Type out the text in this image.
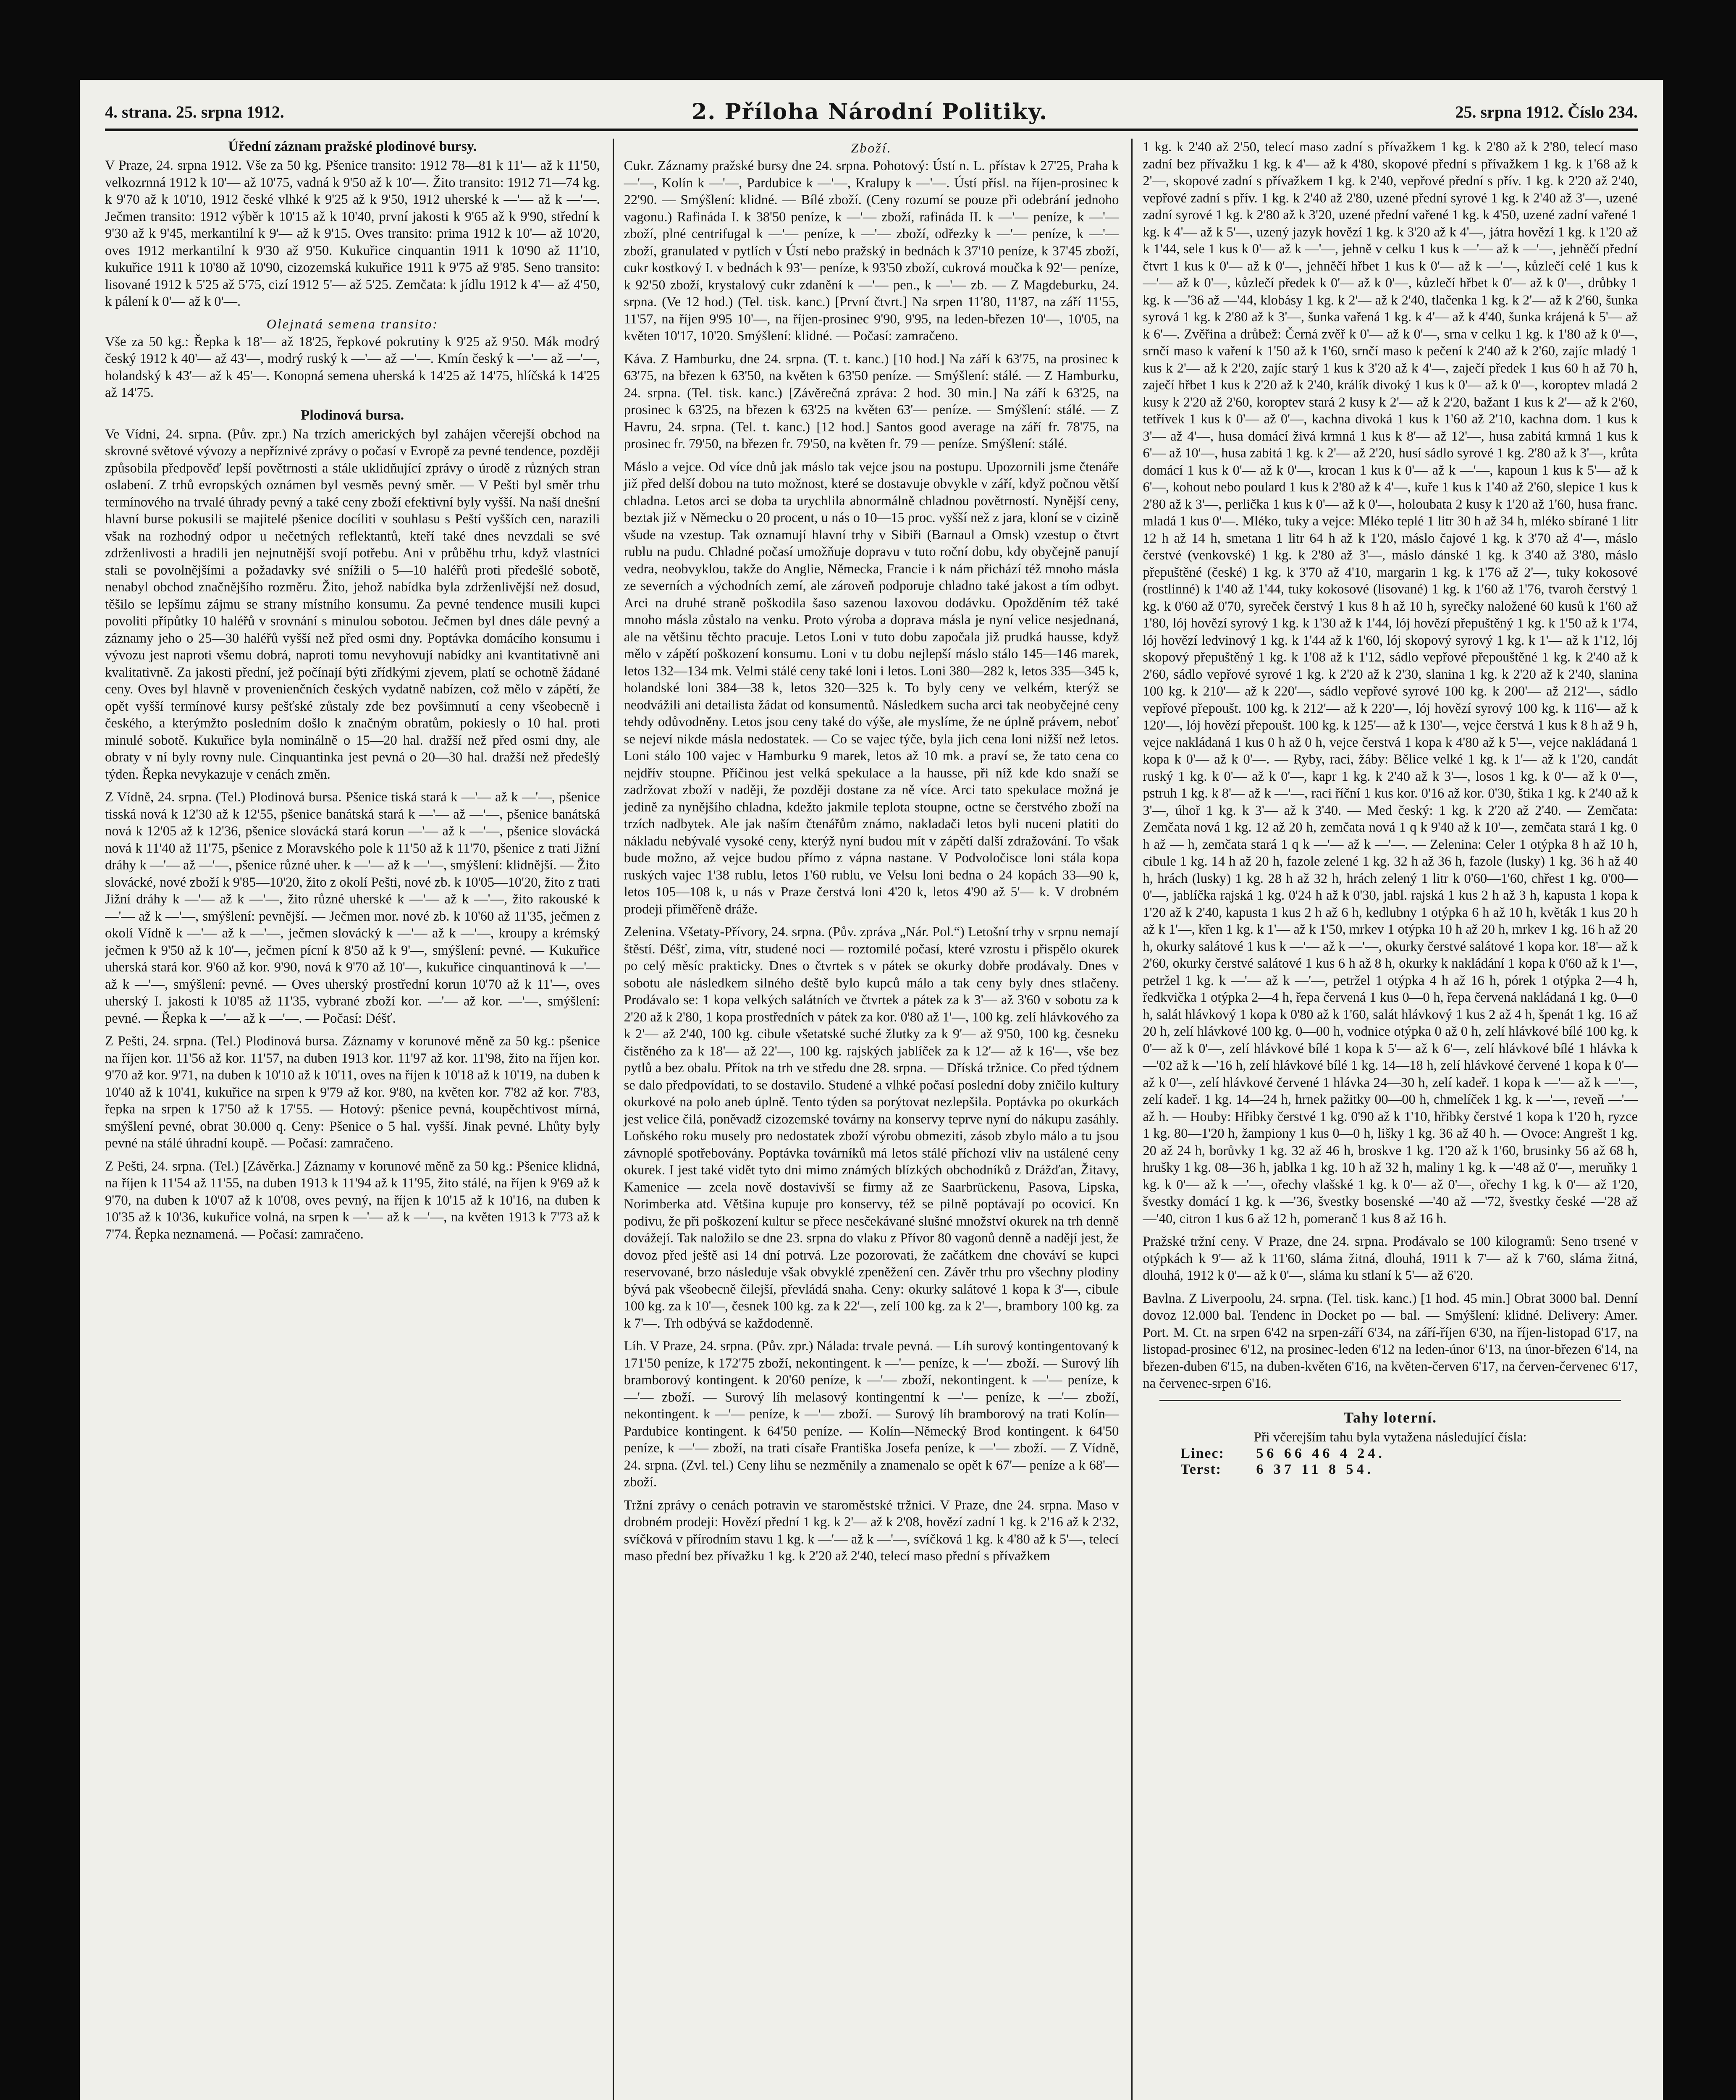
4. strana. 25. srpna 1912.	2. Příloha Národní Politiky.	25. srpna 1912. Číslo 234.
Úřední záznam pražské plodinové bursy.

V Praze, 24. srpna 1912. Vše za 50 kg. Pšenice transito: 1912 78—81 k 11'— až k 11'50, velkozrnná 1912 k 10'— až 10'75, vadná k 9'50 až k 10'—. Žito transito: 1912 71—74 kg. k 9'70 až k 10'10, 1912 české vlhké k 9'25 až k 9'50, 1912 uherské k —'— až k —'—. Ječmen transito: 1912 výběr k 10'15 až k 10'40, první jakosti k 9'65 až k 9'90, střední k 9'30 až k 9'45, merkantilní k 9'— až k 9'15. Oves transito: prima 1912 k 10'— až 10'20, oves 1912 merkantilní k 9'30 až 9'50. Kukuřice cinquantin 1911 k 10'90 až 11'10, kukuřice 1911 k 10'80 až 10'90, cizozemská kukuřice 1911 k 9'75 až 9'85. Seno transito: lisované 1912 k 5'25 až 5'75, cizí 1912 5'— až 5'25. Zemčata: k jídlu 1912 k 4'— až 4'50, k pálení k 0'— až k 0'—.

Olejnatá semena transito:

Vše za 50 kg.: Řepka k 18'— až 18'25, řepkové pokrutiny k 9'25 až 9'50. Mák modrý český 1912 k 40'— až 43'—, modrý ruský k —'— až —'—. Kmín český k —'— až —'—, holandský k 43'— až k 45'—. Konopná semena uherská k 14'25 až 14'75, hlíčská k 14'25 až 14'75.

Plodinová bursa.

Ve Vídni, 24. srpna. (Pův. zpr.) Na trzích amerických byl zahájen včerejší obchod na skrovné světové vývozy a nepříznivé zprávy o počasí v Evropě za pevné tendence, později způsobila předpověď lepší povětrnosti a stále uklidňující zprávy o úrodě z různých stran oslabení. Z trhů evropských oznámen byl vesměs pevný směr. — V Pešti byl směr trhu termínového na trvalé úhrady pevný a také ceny zboží efektivní byly vyšší. Na naší dnešní hlavní burse pokusili se majitelé pšenice docíliti v souhlasu s Peští vyšších cen, narazili však na rozhodný odpor u nečetných reflektantů, kteří také dnes nevzdali se své zdrženlivosti a hradili jen nejnutnější svojí potřebu. Ani v průběhu trhu, když vlastníci stali se povolnějšími a požadavky své snížili o 5—10 haléřů proti předešlé sobotě, nenabyl obchod značnějšího rozměru. Žito, jehož nabídka byla zdrženlivější než dosud, těšilo se lepšímu zájmu se strany místního konsumu. Za pevné tendence musili kupci povoliti přípůtky 10 haléřů v srovnání s minulou sobotou. Ječmen byl dnes dále pevný a záznamy jeho o 25—30 haléřů vyšší než před osmi dny. Poptávka domácího konsumu i vývozu jest naproti všemu dobrá, naproti tomu nevyhovují nabídky ani kvantitativně ani kvalitativně. Za jakosti přední, jež počínají býti zřídkými zjevem, platí se ochotně žádané ceny. Oves byl hlavně v provenienčních českých vydatně nabízen, což mělo v zápětí, že opět vyšší termínové kursy pešťské zůstaly zde bez povšimnutí a ceny všeobecně i českého, a kterýmžto posledním došlo k značným obratům, pokiesly o 10 hal. proti minulé sobotě. Kukuřice byla nominálně o 15—20 hal. dražší než před osmi dny, ale obraty v ní byly rovny nule. Cinquantinka jest pevná o 20—30 hal. dražší než předešlý týden. Řepka nevykazuje v cenách změn.

Z Vídně, 24. srpna. (Tel.) Plodinová bursa. Pšenice tiská stará k —'— až k —'—, pšenice tisská nová k 12'30 až k 12'55, pšenice banátská stará k —'— až —'—, pšenice banátská nová k 12'05 až k 12'36, pšenice slovácká stará korun —'— až k —'—, pšenice slovácká nová k 11'40 až 11'75, pšenice z Moravského pole k 11'50 až k 11'70, pšenice z trati Jižní dráhy k —'— až —'—, pšenice různé uher. k —'— až k —'—, smýšlení: klidnější. — Žito slovácké, nové zboží k 9'85—10'20, žito z okolí Pešti, nové zb. k 10'05—10'20, žito z trati Jižní dráhy k —'— až k —'—, žito různé uherské k —'— až k —'—, žito rakouské k —'— až k —'—, smýšlení: pevnější. — Ječmen mor. nové zb. k 10'60 až 11'35, ječmen z okolí Vídně k —'— až k —'—, ječmen slovácký k —'— až k —'—, kroupy a krémský ječmen k 9'50 až k 10'—, ječmen pícní k 8'50 až k 9'—, smýšlení: pevné. — Kukuřice uherská stará kor. 9'60 až kor. 9'90, nová k 9'70 až 10'—, kukuřice cinquantinová k —'— až k —'—, smýšlení: pevné. — Oves uherský prostřední korun 10'70 až k 11'—, oves uherský I. jakosti k 10'85 až 11'35, vybrané zboží kor. —'— až kor. —'—, smýšlení: pevné. — Řepka k —'— až k —'—. — Počasí: Déšť.

Z Pešti, 24. srpna. (Tel.) Plodinová bursa. Záznamy v korunové měně za 50 kg.: pšenice na říjen kor. 11'56 až kor. 11'57, na duben 1913 kor. 11'97 až kor. 11'98, žito na říjen kor. 9'70 až kor. 9'71, na duben k 10'10 až k 10'11, oves na říjen k 10'18 až k 10'19, na duben k 10'40 až k 10'41, kukuřice na srpen k 9'79 až kor. 9'80, na květen kor. 7'82 až kor. 7'83, řepka na srpen k 17'50 až k 17'55. — Hotový: pšenice pevná, koupěchtivost mírná, smýšlení pevné, obrat 30.000 q. Ceny: Pšenice o 5 hal. vyšší. Jinak pevné. Lhůty byly pevné na stálé úhradní koupě. — Počasí: zamračeno.

Z Pešti, 24. srpna. (Tel.) [Závěrka.] Záznamy v korunové měně za 50 kg.: Pšenice klidná, na říjen k 11'54 až 11'55, na duben 1913 k 11'94 až k 11'95, žito stálé, na říjen k 9'69 až k 9'70, na duben k 10'07 až k 10'08, oves pevný, na říjen k 10'15 až k 10'16, na duben k 10'35 až k 10'36, kukuřice volná, na srpen k —'— až k —'—, na květen 1913 k 7'73 až k 7'74. Řepka neznamená. — Počasí: zamračeno.

Zboží.

Cukr. Záznamy pražské bursy dne 24. srpna. Pohotový: Ústí n. L. přístav k 27'25, Praha k —'—, Kolín k —'—, Pardubice k —'—, Kralupy k —'—. Ústí přísl. na říjen-prosinec k 22'90. — Smýšlení: klidné. — Bílé zboží. (Ceny rozumí se pouze při odebrání jednoho vagonu.) Rafináda I. k 38'50 peníze, k —'— zboží, rafináda II. k —'— peníze, k —'— zboží, plné centrifugal k —'— peníze, k —'— zboží, odřezky k —'— peníze, k —'— zboží, granulated v pytlích v Ústí nebo pražský in bednách k 37'10 peníze, k 37'45 zboží, cukr kostkový I. v bednách k 93'— peníze, k 93'50 zboží, cukrová moučka k 92'— peníze, k 92'50 zboží, krystalový cukr zdanění k —'— pen., k —'— zb. — Z Magdeburku, 24. srpna. (Ve 12 hod.) (Tel. tisk. kanc.) [První čtvrt.] Na srpen 11'80, 11'87, na září 11'55, 11'57, na říjen 9'95 10'—, na říjen-prosinec 9'90, 9'95, na leden-březen 10'—, 10'05, na květen 10'17, 10'20. Smýšlení: klidné. — Počasí: zamračeno.

Káva. Z Hamburku, dne 24. srpna. (T. t. kanc.) [10 hod.] Na září k 63'75, na prosinec k 63'75, na březen k 63'50, na květen k 63'50 peníze. — Smýšlení: stálé. — Z Hamburku, 24. srpna. (Tel. tisk. kanc.) [Závěrečná zpráva: 2 hod. 30 min.] Na září k 63'25, na prosinec k 63'25, na březen k 63'25 na květen 63'— peníze. — Smýšlení: stálé. — Z Havru, 24. srpna. (Tel. t. kanc.) [12 hod.] Santos good average na září fr. 78'75, na prosinec fr. 79'50, na březen fr. 79'50, na květen fr. 79 — peníze. Smýšlení: stálé.

Máslo a vejce. Od více dnů jak máslo tak vejce jsou na postupu. Upozornili jsme čtenáře již před delší dobou na tuto možnost, které se dostavuje obvykle v září, když počnou větší chladna. Letos arci se doba ta urychlila abnormálně chladnou povětrností. Nynější ceny, beztak již v Německu o 20 procent, u nás o 10—15 proc. vyšší než z jara, kloní se v cizině všude na vzestup. Tak oznamují hlavní trhy v Sibiři (Barnaul a Omsk) vzestup o čtvrt rublu na pudu. Chladné počasí umožňuje dopravu v tuto roční dobu, kdy obyčejně panují vedra, neobvyklou, takže do Anglie, Německa, Francie i k nám přichází též mnoho másla ze severních a východních zemí, ale zároveň podporuje chladno také jakost a tím odbyt. Arci na druhé straně poškodila šaso sazenou laxovou dodávku. Opožděním též také mnoho másla zůstalo na venku. Proto výroba a doprava másla je nyní velice nesjednaná, ale na většinu těchto pracuje. Letos Loni v tuto dobu započala již prudká hausse, když mělo v zápětí poškození konsumu. Loni v tu dobu nejlepší máslo stálo 145—146 marek, letos 132—134 mk. Velmi stálé ceny také loni i letos. Loni 380—282 k, letos 335—345 k, holandské loni 384—38 k, letos 320—325 k. To byly ceny ve velkém, kterýž se neodvážili ani detailista žádat od konsumentů. Následkem sucha arci tak neobyčejné ceny tehdy odůvodněny. Letos jsou ceny také do výše, ale myslíme, že ne úplně právem, neboť se nejeví nikde másla nedostatek. — Co se vajec týče, byla jich cena loni nižší než letos. Loni stálo 100 vajec v Hamburku 9 marek, letos až 10 mk. a praví se, že tato cena co nejdřív stoupne. Příčinou jest velká spekulace a la hausse, při níž kde kdo snaží se zadržovat zboží v naději, že později dostane za ně více. Arci tato spekulace možná je jedině za nynějšího chladna, kdežto jakmile teplota stoupne, octne se čerstvého zboží na trzích nadbytek. Ale jak naším čtenářům známo, nakladači letos byli nuceni platiti do nákladu nebývalé vysoké ceny, kterýž nyní budou mít v zápětí další zdražování. To však bude možno, až vejce budou přímo z vápna nastane. V Podvoločisce loni stála kopa ruských vajec 1'38 rublu, letos 1'60 rublu, ve Velsu loni bedna o 24 kopách 33—90 k, letos 105—108 k, u nás v Praze čerstvá loni 4'20 k, letos 4'90 až 5'— k. V drobném prodeji přiměřeně dráže.

Zelenina. Všetaty-Přívory, 24. srpna. (Pův. zpráva „Nár. Pol.“) Letošní trhy v srpnu nemají štěstí. Déšť, zima, vítr, studené noci — roztomilé počasí, které vzrostu i přispělo okurek po celý měsíc prakticky. Dnes o čtvrtek s v pátek se okurky dobře prodávaly. Dnes v sobotu ale následkem silného deště bylo kupců málo a tak ceny byly dnes stlačeny. Prodávalo se: 1 kopa velkých salátních ve čtvrtek a pátek za k 3'— až 3'60 v sobotu za k 2'20 až k 2'80, 1 kopa prostředních v pátek za kor. 0'80 až 1'—, 100 kg. zelí hlávkového za k 2'— až 2'40, 100 kg. cibule všetatské suché žlutky za k 9'— až 9'50, 100 kg. česneku čistěného za k 18'— až 22'—, 100 kg. rajských jablíček za k 12'— až k 16'—, vše bez pytlů a bez obalu. Přítok na trh ve středu dne 28. srpna. — Dříská tržnice. Co před týdnem se dalo předpovídati, to se dostavilo. Studené a vlhké počasí poslední doby zničilo kultury okurkové na polo aneb úplně. Tento týden sa porýtovat nezlepšila. Poptávka po okurkách jest velice čilá, poněvadž cizozemské továrny na konservy teprve nyní do nákupu zasáhly. Loňského roku musely pro nedostatek zboží výrobu obmeziti, zásob zbylo málo a tu jsou závnoplé spotřebovány. Poptávka továrníků má letos stálé příchozí vliv na ustálené ceny okurek. I jest také vidět tyto dni mimo známých blízkých obchodníků z Drážďan, Žitavy, Kamenice — zcela nově dostavivší se firmy až ze Saarbrückenu, Pasova, Lipska, Norimberka atd. Většina kupuje pro konservy, též se pilně poptávají po ocovicí. Kn podivu, že při poškození kultur se přece nesčekávané slušné množství okurek na trh denně dovážejí. Tak naložilo se dne 23. srpna do vlaku z Přívor 80 vagonů denně a nadějí jest, že dovoz před ještě asi 14 dní potrvá. Lze pozorovati, že začátkem dne chováví se kupci reservované, brzo následuje však obvyklé zpeněžení cen. Závěr trhu pro všechny plodiny bývá pak všeobecně čilejší, převládá snaha. Ceny: okurky salátové 1 kopa k 3'—, cibule 100 kg. za k 10'—, česnek 100 kg. za k 22'—, zelí 100 kg. za k 2'—, brambory 100 kg. za k 7'—. Trh odbývá se každodenně.

Líh. V Praze, 24. srpna. (Pův. zpr.) Nálada: trvale pevná. — Líh surový kontingentovaný k 171'50 peníze, k 172'75 zboží, nekontingent. k —'— peníze, k —'— zboží. — Surový líh bramborový kontingent. k 20'60 peníze, k —'— zboží, nekontingent. k —'— peníze, k —'— zboží. — Surový líh melasový kontingentní k —'— peníze, k —'— zboží, nekontingent. k —'— peníze, k —'— zboží. — Surový líh bramborový na trati Kolín—Pardubice kontingent. k 64'50 peníze. — Kolín—Německý Brod kontingent. k 64'50 peníze, k —'— zboží, na trati císaře Františka Josefa peníze, k —'— zboží. — Z Vídně, 24. srpna. (Zvl. tel.) Ceny lihu se nezměnily a znamenalo se opět k 67'— peníze a k 68'— zboží.

Tržní zprávy o cenách potravin ve staroměstské tržnici. V Praze, dne 24. srpna. Maso v drobném prodeji: Hovězí přední 1 kg. k 2'— až k 2'08, hovězí zadní 1 kg. k 2'16 až k 2'32, svíčková v přírodním stavu 1 kg. k —'— až k —'—, svíčková 1 kg. k 4'80 až k 5'—, telecí maso přední bez přívažku 1 kg. k 2'20 až 2'40, telecí maso přední s přívažkem

1 kg. k 2'40 až 2'50, telecí maso zadní s přívažkem 1 kg. k 2'80 až k 2'80, telecí maso zadní bez přívažku 1 kg. k 4'— až k 4'80, skopové přední s přívažkem 1 kg. k 1'68 až k 2'—, skopové zadní s přívažkem 1 kg. k 2'40, vepřové přední s přív. 1 kg. k 2'20 až 2'40, vepřové zadní s přív. 1 kg. k 2'40 až 2'80, uzené přední syrové 1 kg. k 2'40 až 3'—, uzené zadní syrové 1 kg. k 2'80 až k 3'20, uzené přední vařené 1 kg. k 4'50, uzené zadní vařené 1 kg. k 4'— až k 5'—, uzený jazyk hovězí 1 kg. k 3'20 až k 4'—, játra hovězí 1 kg. k 1'20 až k 1'44, sele 1 kus k 0'— až k —'—, jehně v celku 1 kus k —'— až k —'—, jehněčí přední čtvrt 1 kus k 0'— až k 0'—, jehněčí hřbet 1 kus k 0'— až k —'—, kůzlečí celé 1 kus k —'— až k 0'—, kůzlečí předek k 0'— až k 0'—, kůzlečí hřbet k 0'— až k 0'—, drůbky 1 kg. k —'36 až —'44, klobásy 1 kg. k 2'— až k 2'40, tlačenka 1 kg. k 2'— až k 2'60, šunka syrová 1 kg. k 2'80 až k 3'—, šunka vařená 1 kg. k 4'— až k 4'40, šunka krájená k 5'— až k 6'—. Zvěřina a drůbež: Černá zvěř k 0'— až k 0'—, srna v celku 1 kg. k 1'80 až k 0'—, srnčí maso k vaření k 1'50 až k 1'60, srnčí maso k pečení k 2'40 až k 2'60, zajíc mladý 1 kus k 2'— až k 2'20, zajíc starý 1 kus k 3'20 až k 4'—, zaječí předek 1 kus 60 h až 70 h, zaječí hřbet 1 kus k 2'20 až k 2'40, králík divoký 1 kus k 0'— až k 0'—, koroptev mladá 2 kusy k 2'20 až 2'60, koroptev stará 2 kusy k 2'— až k 2'20, bažant 1 kus k 2'— až k 2'60, tetřívek 1 kus k 0'— až 0'—, kachna divoká 1 kus k 1'60 až 2'10, kachna dom. 1 kus k 3'— až 4'—, husa domácí živá krmná 1 kus k 8'— až 12'—, husa zabitá krmná 1 kus k 6'— až 10'—, husa zabitá 1 kg. k 2'— až 2'20, husí sádlo syrové 1 kg. 2'80 až k 3'—, krůta domácí 1 kus k 0'— až k 0'—, krocan 1 kus k 0'— až k —'—, kapoun 1 kus k 5'— až k 6'—, kohout nebo poulard 1 kus k 2'80 až k 4'—, kuře 1 kus k 1'40 až 2'60, slepice 1 kus k 2'80 až k 3'—, perlička 1 kus k 0'— až k 0'—, holoubata 2 kusy k 1'20 až 1'60, husa franc. mladá 1 kus 0'—. Mléko, tuky a vejce: Mléko teplé 1 litr 30 h až 34 h, mléko sbírané 1 litr 12 h až 14 h, smetana 1 litr 64 h až k 1'20, máslo čajové 1 kg. k 3'70 až 4'—, máslo čerstvé (venkovské) 1 kg. k 2'80 až 3'—, máslo dánské 1 kg. k 3'40 až 3'80, máslo přepuštěné (české) 1 kg. k 3'70 až 4'10, margarin 1 kg. k 1'76 až 2'—, tuky kokosové (rostlinné) k 1'40 až 1'44, tuky kokosové (lisované) 1 kg. k 1'60 až 1'76, tvaroh čerstvý 1 kg. k 0'60 až 0'70, syreček čerstvý 1 kus 8 h až 10 h, syrečky naložené 60 kusů k 1'60 až 1'80, lój hovězí syrový 1 kg. k 1'30 až k 1'44, lój hovězí přepuštěný 1 kg. k 1'50 až k 1'74, lój hovězí ledvinový 1 kg. k 1'44 až k 1'60, lój skopový syrový 1 kg. k 1'— až k 1'12, lój skopový přepuštěný 1 kg. k 1'08 až k 1'12, sádlo vepřové přepouštěné 1 kg. k 2'40 až k 2'60, sádlo vepřové syrové 1 kg. k 2'20 až k 2'30, slanina 1 kg. k 2'20 až k 2'40, slanina 100 kg. k 210'— až k 220'—, sádlo vepřové syrové 100 kg. k 200'— až 212'—, sádlo vepřové přepoušt. 100 kg. k 212'— až k 220'—, lój hovězí syrový 100 kg. k 116'— až k 120'—, lój hovězí přepoušt. 100 kg. k 125'— až k 130'—, vejce čerstvá 1 kus k 8 h až 9 h, vejce nakládaná 1 kus 0 h až 0 h, vejce čerstvá 1 kopa k 4'80 až k 5'—, vejce nakládaná 1 kopa k 0'— až k 0'—. — Ryby, raci, žáby: Bělice velké 1 kg. k 1'— až k 1'20, candát ruský 1 kg. k 0'— až k 0'—, kapr 1 kg. k 2'40 až k 3'—, losos 1 kg. k 0'— až k 0'—, pstruh 1 kg. k 8'— až k —'—, raci říční 1 kus kor. 0'16 až kor. 0'30, štika 1 kg. k 2'40 až k 3'—, úhoř 1 kg. k 3'— až k 3'40. — Med český: 1 kg. k 2'20 až 2'40. — Zemčata: Zemčata nová 1 kg. 12 až 20 h, zemčata nová 1 q k 9'40 až k 10'—, zemčata stará 1 kg. 0 h až — h, zemčata stará 1 q k —'— až k —'—. — Zelenina: Celer 1 otýpka 8 h až 10 h, cibule 1 kg. 14 h až 20 h, fazole zelené 1 kg. 32 h až 36 h, fazole (lusky) 1 kg. 36 h až 40 h, hrách (lusky) 1 kg. 28 h až 32 h, hrách zelený 1 litr k 0'60—1'60, chřest 1 kg. 0'00—0'—, jablíčka rajská 1 kg. 0'24 h až k 0'30, jabl. rajská 1 kus 2 h až 3 h, kapusta 1 kopa k 1'20 až k 2'40, kapusta 1 kus 2 h až 6 h, kedlubny 1 otýpka 6 h až 10 h, květák 1 kus 20 h až k 1'—, křen 1 kg. k 1'— až k 1'50, mrkev 1 otýpka 10 h až 20 h, mrkev 1 kg. 16 h až 20 h, okurky salátové 1 kus k —'— až k —'—, okurky čerstvé salátové 1 kopa kor. 18'— až k 2'60, okurky čerstvé salátové 1 kus 6 h až 8 h, okurky k nakládání 1 kopa k 0'60 až k 1'—, petržel 1 kg. k —'— až k —'—, petržel 1 otýpka 4 h až 16 h, pórek 1 otýpka 2—4 h, ředkvička 1 otýpka 2—4 h, řepa červená 1 kus 0—0 h, řepa červená nakládaná 1 kg. 0—0 h, salát hlávkový 1 kopa k 0'80 až k 1'60, salát hlávkový 1 kus 2 až 4 h, špenát 1 kg. 16 až 20 h, zelí hlávkové 100 kg. 0—00 h, vodnice otýpka 0 až 0 h, zelí hlávkové bílé 100 kg. k 0'— až k 0'—, zelí hlávkové bílé 1 kopa k 5'— až k 6'—, zelí hlávkové bílé 1 hlávka k —'02 až k —'16 h, zelí hlávkové bílé 1 kg. 14—18 h, zelí hlávkové červené 1 kopa k 0'— až k 0'—, zelí hlávkové červené 1 hlávka 24—30 h, zelí kadeř. 1 kopa k —'— až k —'—, zelí kadeř. 1 kg. 14—24 h, hrnek pažitky 00—00 h, chmelíček 1 kg. k —'—, reveň —'— až h. — Houby: Hřibky čerstvé 1 kg. 0'90 až k 1'10, hřibky čerstvé 1 kopa k 1'20 h, ryzce 1 kg. 80—1'20 h, žampiony 1 kus 0—0 h, lišky 1 kg. 36 až 40 h. — Ovoce: Angrešt 1 kg. 20 až 24 h, borůvky 1 kg. 32 až 46 h, broskve 1 kg. 1'20 až k 1'60, brusinky 56 až 68 h, hrušky 1 kg. 08—36 h, jablka 1 kg. 10 h až 32 h, maliny 1 kg. k —'48 až 0'—, meruňky 1 kg. k 0'— až k —'—, ořechy vlašské 1 kg. k 0'— až 0'—, ořechy 1 kg. k 0'— až 1'20, švestky domácí 1 kg. k —'36, švestky bosenské —'40 až —'72, švestky české —'28 až —'40, citron 1 kus 6 až 12 h, pomeranč 1 kus 8 až 16 h.

Pražské tržní ceny. V Praze, dne 24. srpna. Prodávalo se 100 kilogramů: Seno trsené v otýpkách k 9'— až k 11'60, sláma žitná, dlouhá, 1911 k 7'— až k 7'60, sláma žitná, dlouhá, 1912 k 0'— až k 0'—, sláma ku stlaní k 5'— až 6'20.

Bavlna. Z Liverpoolu, 24. srpna. (Tel. tisk. kanc.) [1 hod. 45 min.] Obrat 3000 bal. Denní dovoz 12.000 bal. Tendenc in Docket po — bal. — Smýšlení: klidné. Delivery: Amer. Port. M. Ct. na srpen 6'42 na srpen-září 6'34, na září-říjen 6'30, na říjen-listopad 6'17, na listopad-prosinec 6'12, na prosinec-leden 6'12 na leden-únor 6'13, na únor-březen 6'14, na březen-duben 6'15, na duben-květen 6'16, na květen-červen 6'17, na červen-červenec 6'17, na červenec-srpen 6'16.

Tahy loterní.

Při včerejším tahu byla vytažena následující čísla:

Linec:	56 66 46 4 24.
Terst:	6 37 11 8 54.
